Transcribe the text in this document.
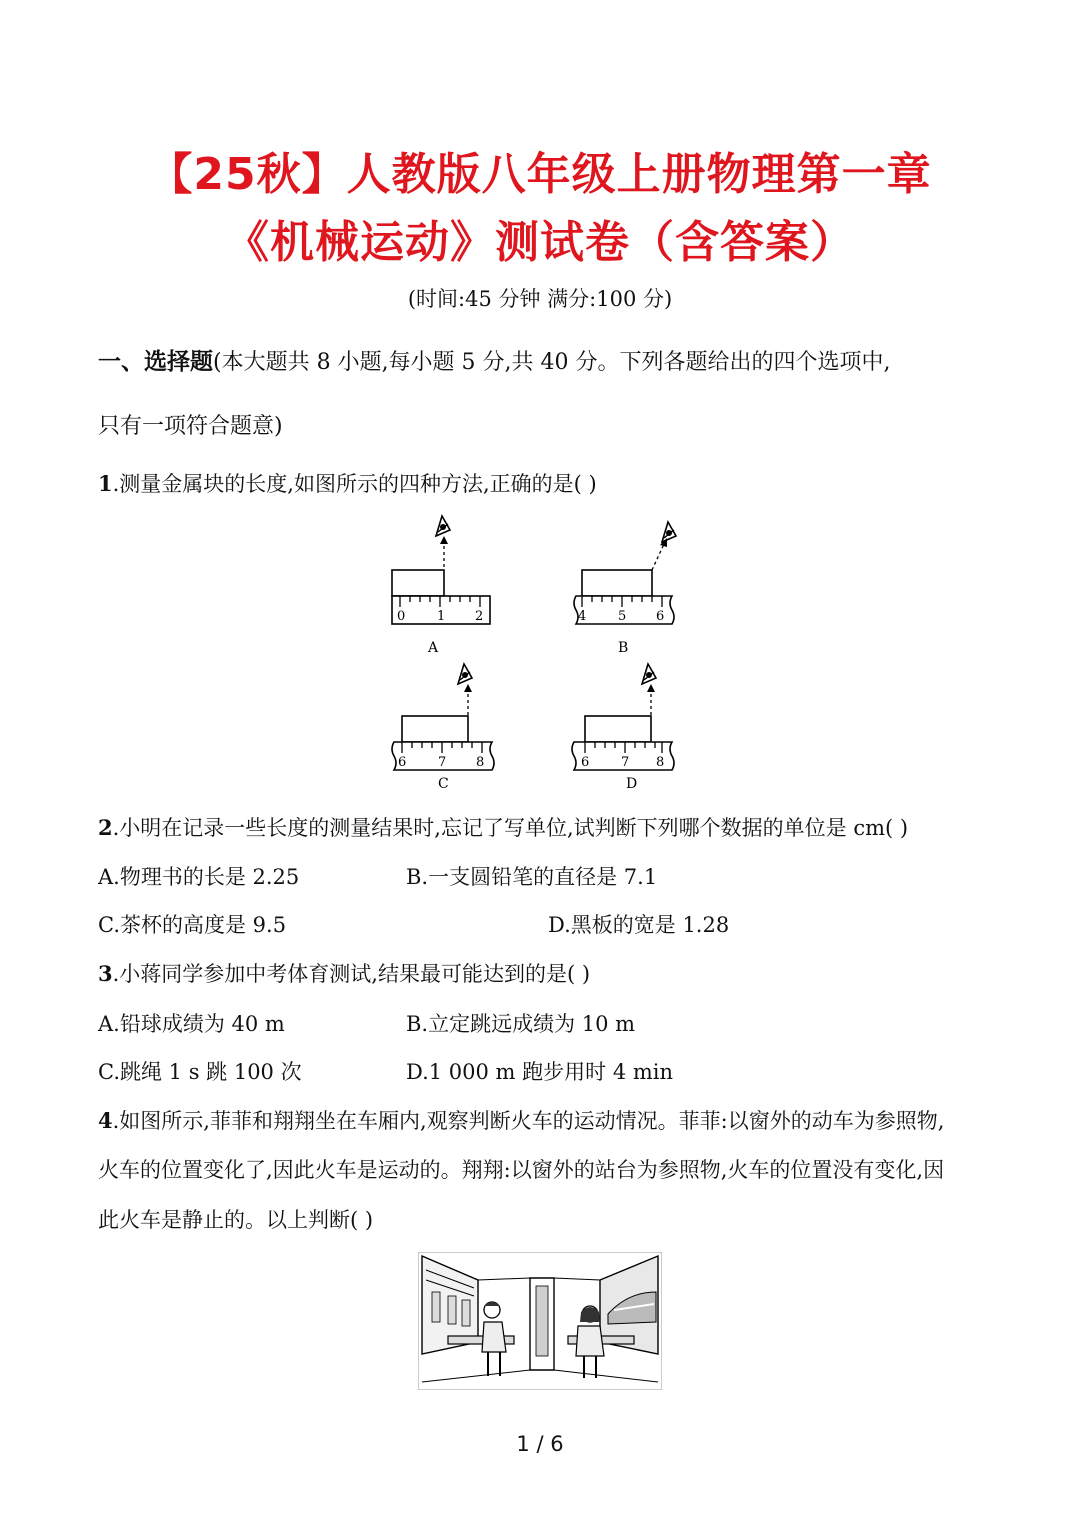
【25秋】人教版八年级上册物理第一章
《机械运动》测试卷（含答案）
(时间:45 分钟 满分:100 分)
一、选择题(本大题共 8 小题,每小题 5 分,共 40 分。下列各题给出的四个选项中,
只有一项符合题意)
1.测量金属块的长度,如图所示的四种方法,正确的是( )
0 1 2
A
4 5 6
B
6 7 8
C
6 7 8
D
2.小明在记录一些长度的测量结果时,忘记了写单位,试判断下列哪个数据的单位是 cm( )
A.物理书的长是 2.25	B.一支圆铅笔的直径是 7.1
C.茶杯的高度是 9.5	D.黑板的宽是 1.28
3.小蒋同学参加中考体育测试,结果最可能达到的是( )
A.铅球成绩为 40 m	B.立定跳远成绩为 10 m
C.跳绳 1 s 跳 100 次	D.1 000 m 跑步用时 4 min
4.如图所示,菲菲和翔翔坐在车厢内,观察判断火车的运动情况。菲菲:以窗外的动车为参照物,
火车的位置变化了,因此火车是运动的。翔翔:以窗外的站台为参照物,火车的位置没有变化,因
此火车是静止的。以上判断( )
1 / 6
